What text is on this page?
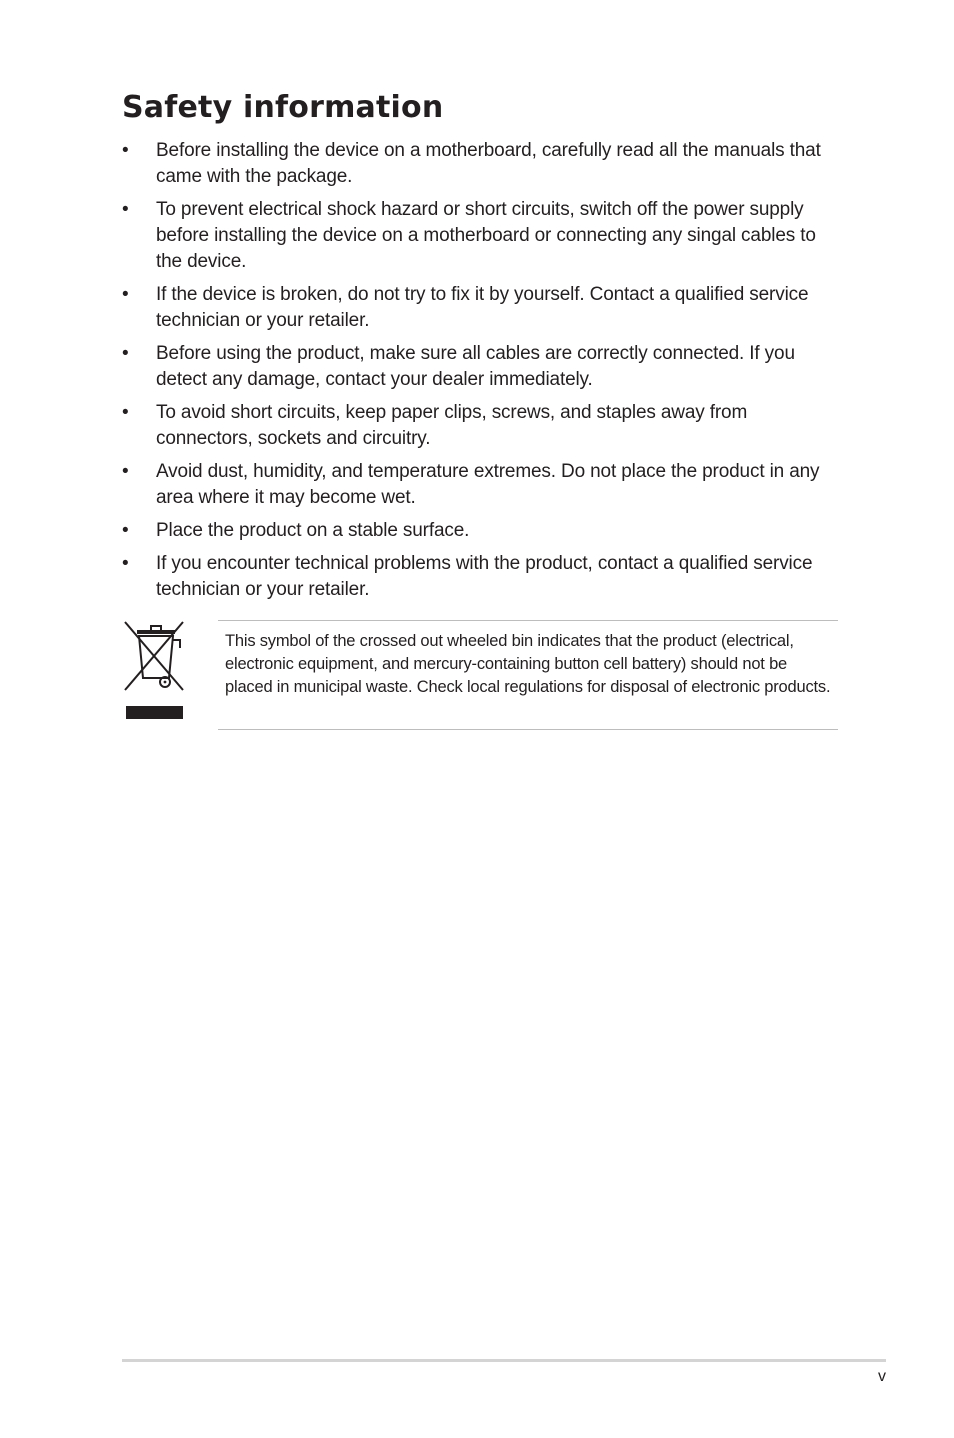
Safety information
• Before installing the device on a motherboard, carefully read all the manuals that came with the package.
• To prevent electrical shock hazard or short circuits, switch off the power supply before installing the device on a motherboard or connecting any singal cables to the device.
• If the device is broken, do not try to fix it by yourself. Contact a qualified service technician or your retailer.
• Before using the product, make sure all cables are correctly connected. If you detect any damage, contact your dealer immediately.
• To avoid short circuits, keep paper clips, screws, and staples away from connectors, sockets and circuitry.
• Avoid dust, humidity, and temperature extremes. Do not place the product in any area where it may become wet.
• Place the product on a stable surface.
• If you encounter technical problems with the product, contact a qualified service technician or your retailer.

This symbol of the crossed out wheeled bin indicates that the product (electrical, electronic equipment, and mercury-containing button cell battery) should not be placed in municipal waste. Check local regulations for disposal of electronic products.

v
